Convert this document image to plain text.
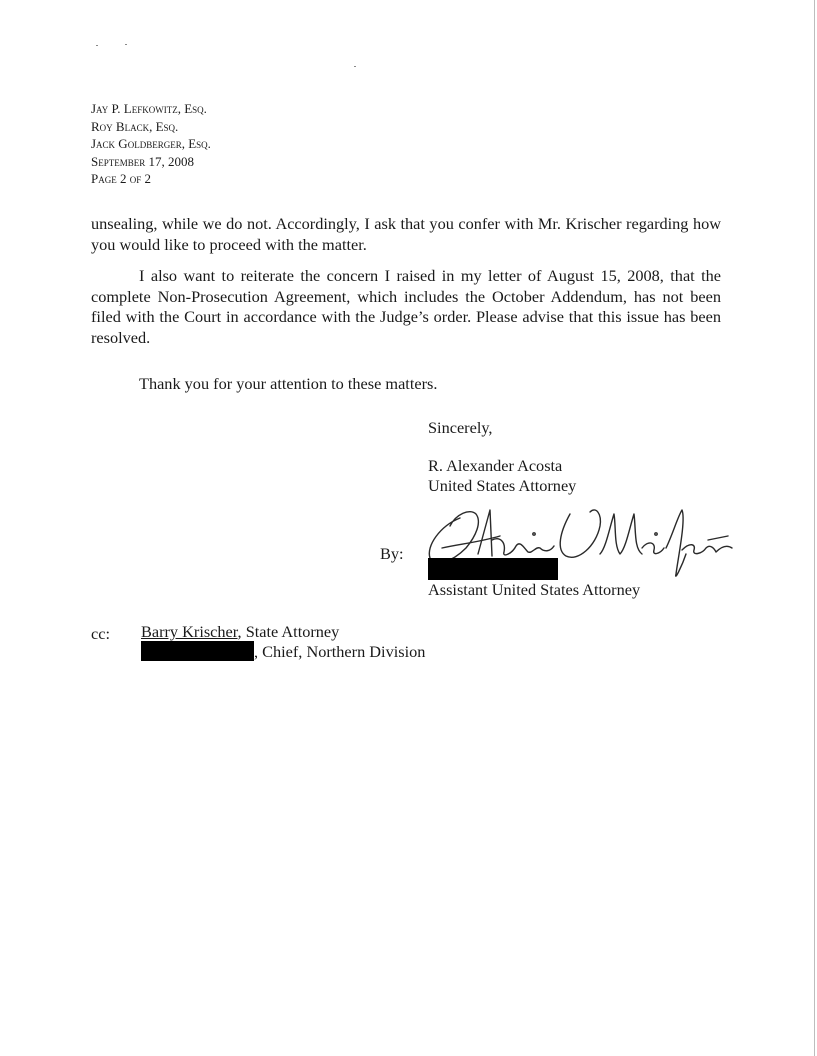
Jay P. Lefkowitz, Esq.
Roy Black, Esq.
Jack Goldberger, Esq.
September 17, 2008
Page 2 of 2
unsealing, while we do not. Accordingly, I ask that you confer with Mr. Krischer regarding how you would like to proceed with the matter.
I also want to reiterate the concern I raised in my letter of August 15, 2008, that the complete Non-Prosecution Agreement, which includes the October Addendum, has not been filed with the Court in accordance with the Judge’s order. Please advise that this issue has been resolved.
Thank you for your attention to these matters.
Sincerely,
R. Alexander Acosta
United States Attorney
By:
Assistant United States Attorney
cc: Barry Krischer, State Attorney
, Chief, Northern Division
